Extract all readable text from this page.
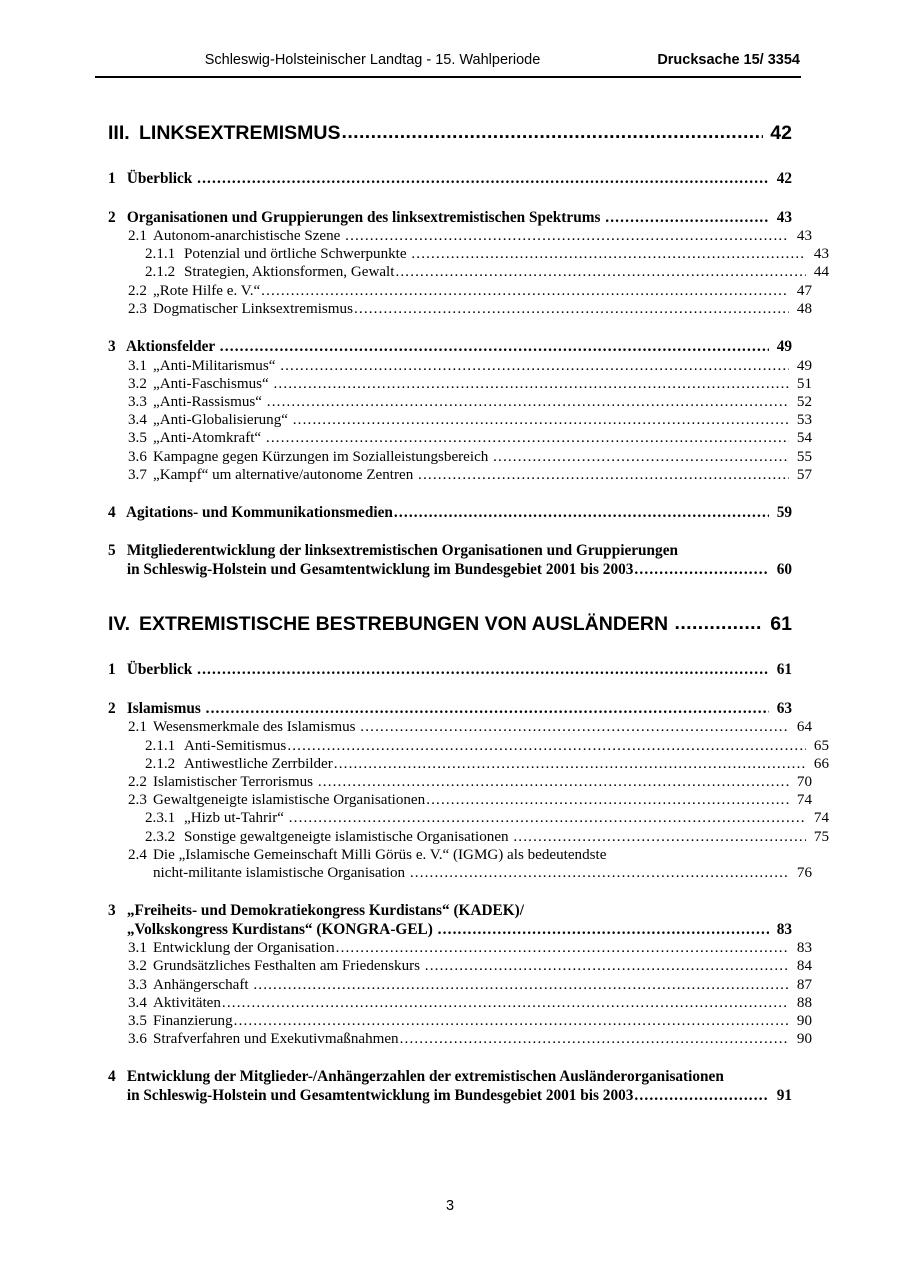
Schleswig-Holsteinischer Landtag - 15. Wahlperiode	Drucksache 15/ 3354
III. LINKSEXTREMISMUS .....	42
1 Überblick .....	42
2 Organisationen und Gruppierungen des linksextremistischen Spektrums .....	43
2.1 Autonom-anarchistische Szene .....	43
2.1.1 Potenzial und örtliche Schwerpunkte .....	43
2.1.2 Strategien, Aktionsformen, Gewalt .....	44
2.2 „Rote Hilfe e. V.“ .....	47
2.3 Dogmatischer Linksextremismus .....	48
3 Aktionsfelder .....	49
3.1 „Anti-Militarismus“ .....	49
3.2 „Anti-Faschismus“ .....	51
3.3 „Anti-Rassismus“ .....	52
3.4 „Anti-Globalisierung“ .....	53
3.5 „Anti-Atomkraft“ .....	54
3.6 Kampagne gegen Kürzungen im Sozialleistungsbereich .....	55
3.7 „Kampf“ um alternative/autonome Zentren .....	57
4 Agitations- und Kommunikationsmedien .....	59
5 Mitgliederentwicklung der linksextremistischen Organisationen und Gruppierungen
in Schleswig-Holstein und Gesamtentwicklung im Bundesgebiet 2001 bis 2003 .....	60
IV. EXTREMISTISCHE BESTREBUNGEN VON AUSLÄNDERN .....	61
1 Überblick .....	61
2 Islamismus .....	63
2.1 Wesensmerkmale des Islamismus .....	64
2.1.1 Anti-Semitismus .....	65
2.1.2 Antiwestliche Zerrbilder .....	66
2.2 Islamistischer Terrorismus .....	70
2.3 Gewaltgeneigte islamistische Organisationen .....	74
2.3.1 „Hizb ut-Tahrir“ .....	74
2.3.2 Sonstige gewaltgeneigte islamistische Organisationen .....	75
2.4 Die „Islamische Gemeinschaft Milli Görüs e. V.“ (IGMG) als bedeutendste
nicht-militante islamistische Organisation .....	76
3 „Freiheits- und Demokratiekongress Kurdistans“ (KADEK)/
„Volkskongress Kurdistans“ (KONGRA-GEL) .....	83
3.1 Entwicklung der Organisation .....	83
3.2 Grundsätzliches Festhalten am Friedenskurs .....	84
3.3 Anhängerschaft .....	87
3.4 Aktivitäten .....	88
3.5 Finanzierung .....	90
3.6 Strafverfahren und Exekutivmaßnahmen .....	90
4 Entwicklung der Mitglieder-/Anhängerzahlen der extremistischen Ausländerorganisationen
in Schleswig-Holstein und Gesamtentwicklung im Bundesgebiet 2001 bis 2003 .....	91
3
